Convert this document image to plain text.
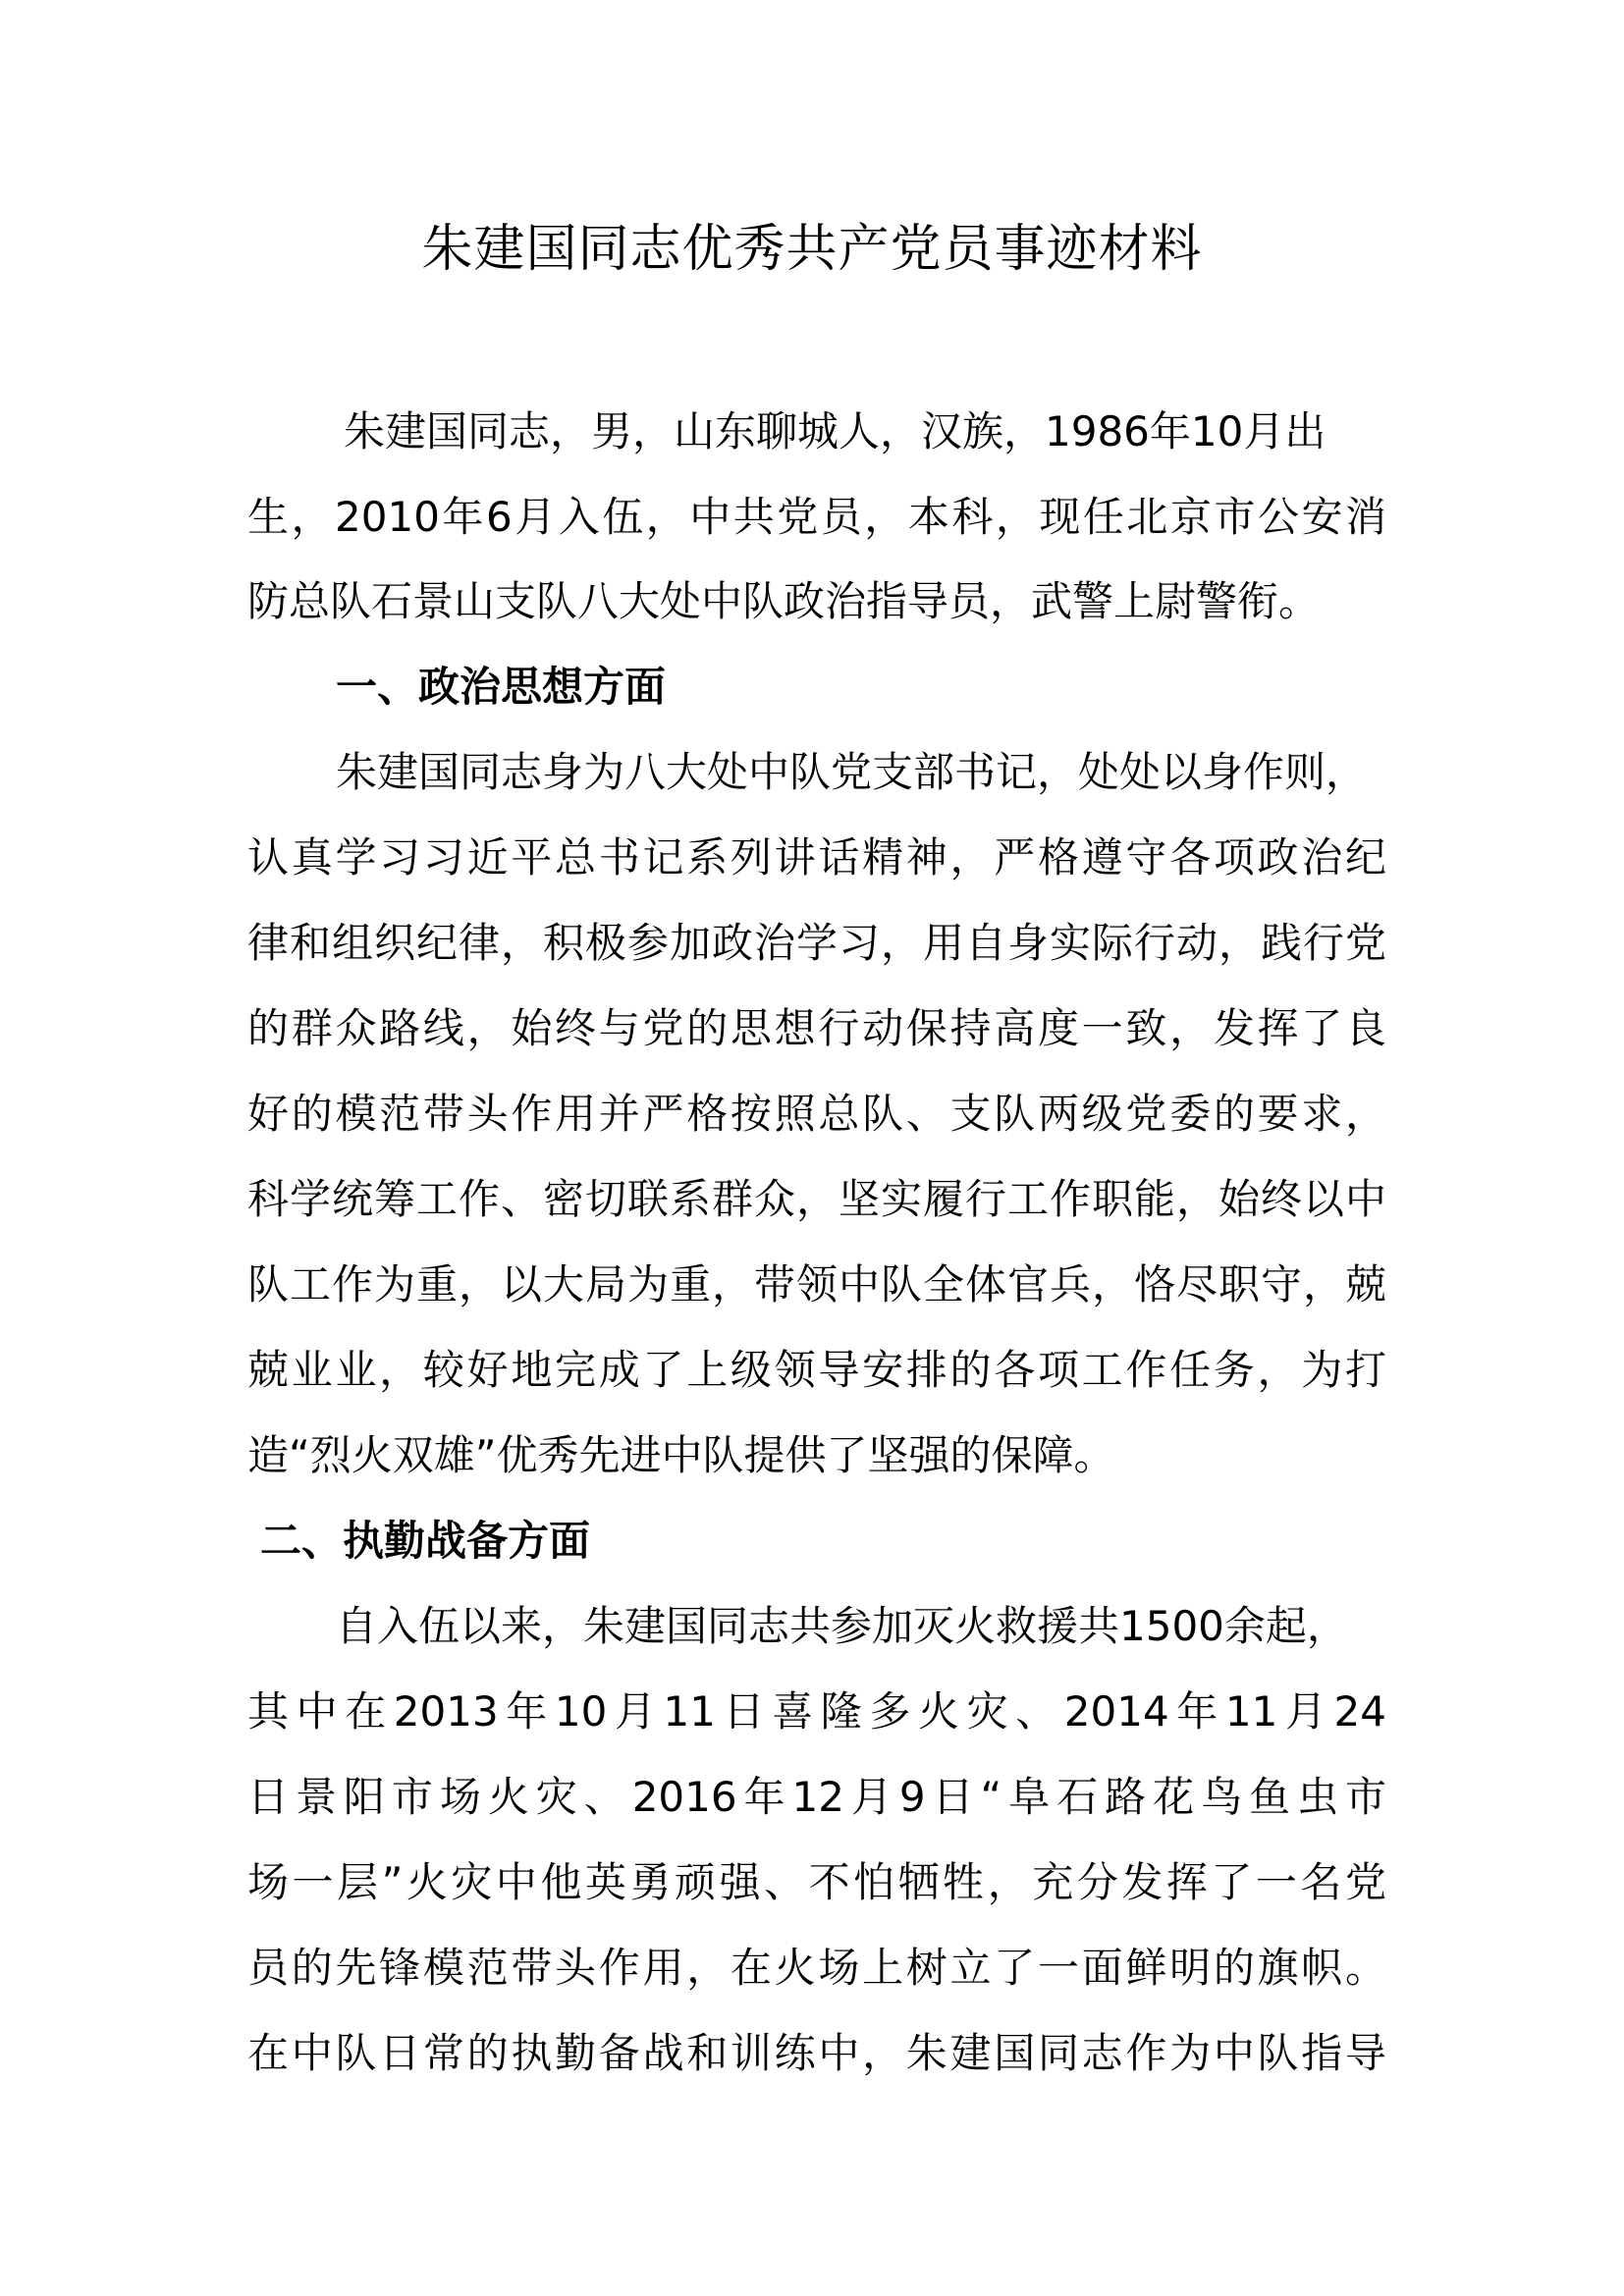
朱建国同志优秀共产党员事迹材料

朱建国同志，男，山东聊城人，汉族，1986年10月出

生，2010年6月入伍，中共党员，本科，现任北京市公安消

防总队石景山支队八大处中队政治指导员，武警上尉警衔。

一、政治思想方面

朱建国同志身为八大处中队党支部书记，处处以身作则，

认真学习习近平总书记系列讲话精神，严格遵守各项政治纪

律和组织纪律，积极参加政治学习，用自身实际行动，践行党

的群众路线，始终与党的思想行动保持高度一致，发挥了良

好的模范带头作用并严格按照总队、支队两级党委的要求，

科学统筹工作、密切联系群众，坚实履行工作职能，始终以中

队工作为重，以大局为重，带领中队全体官兵，恪尽职守，兢

兢业业，较好地完成了上级领导安排的各项工作任务，为打

造“烈火双雄”优秀先进中队提供了坚强的保障。

二、执勤战备方面

自入伍以来，朱建国同志共参加灭火救援共1500余起，

其中在2013年10月11日喜隆多火灾、2014年11月24

日景阳市场火灾、2016年12月9日“阜石路花鸟鱼虫市

场一层”火灾中他英勇顽强、不怕牺牲，充分发挥了一名党

员的先锋模范带头作用，在火场上树立了一面鲜明的旗帜。

在中队日常的执勤备战和训练中，朱建国同志作为中队指导
